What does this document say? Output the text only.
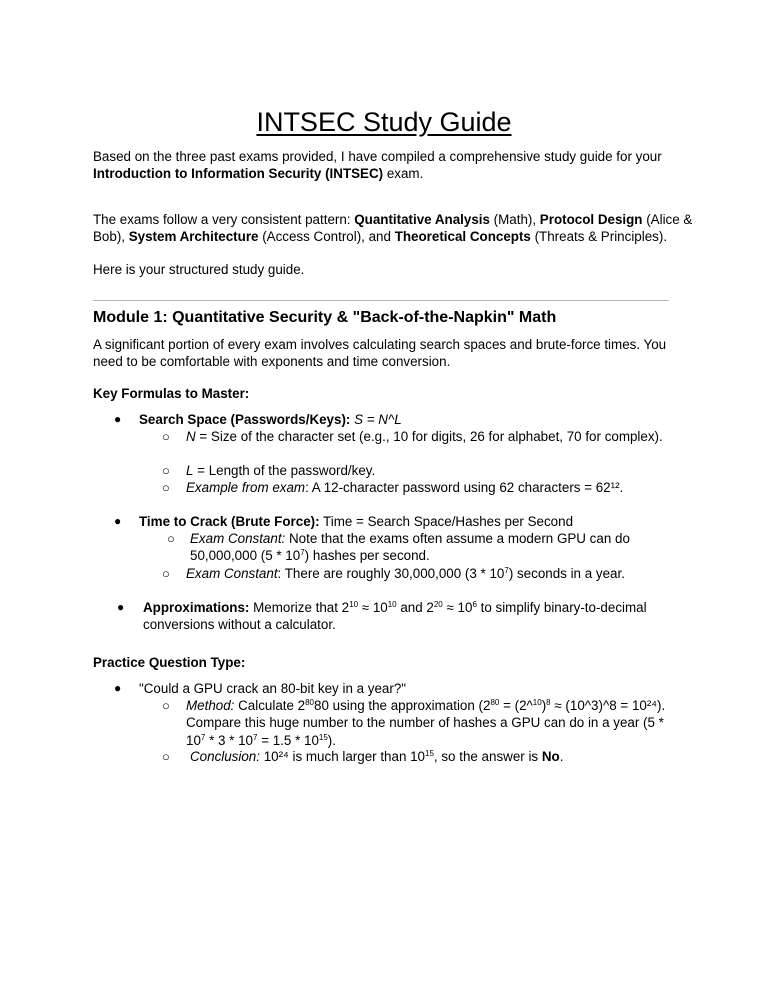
INTSEC Study Guide

Based on the three past exams provided, I have compiled a comprehensive study guide for your Introduction to Information Security (INTSEC) exam.

The exams follow a very consistent pattern: Quantitative Analysis (Math), Protocol Design (Alice & Bob), System Architecture (Access Control), and Theoretical Concepts (Threats & Principles).

Here is your structured study guide.

Module 1: Quantitative Security & "Back-of-the-Napkin" Math

A significant portion of every exam involves calculating search spaces and brute-force times. You need to be comfortable with exponents and time conversion.

Key Formulas to Master:
● Search Space (Passwords/Keys): S = N^L

○ N = Size of the character set (e.g., 10 for digits, 26 for alphabet, 70 for complex).

○ L = Length of the password/key.

○ Example from exam: A 12-character password using 62 characters = 62¹².

● Time to Crack (Brute Force): Time = Search Space/Hashes per Second

○ Exam Constant: Note that the exams often assume a modern GPU can do 50,000,000 $(5 * 10^7)$ hashes per second.

○ Exam Constant: There are roughly 30,000,000 $(3 * 10^7)$ seconds in a year.

● Approximations: Memorize that $2^{10} \approx 10^{10}$ and $2^{20} \approx 10^6$ to simplify binary-to-decimal conversions without a calculator.

Practice Question Type:
● "Could a GPU crack an 80-bit key in a year?"

○ Method: Calculate $2^{80}80$ using the approximation ($2^{80}$ = (2^$^{10}$)$^8$ ≈ (10^3)^8 = 10²⁴). Compare this huge number to the number of hashes a GPU can do in a year $(5 * 10^7 * 3 * 10^7 = 1.5 * 10^{15})$.

○ Conclusion: 10²⁴ is much larger than $10^{15}$, so the answer is No.
